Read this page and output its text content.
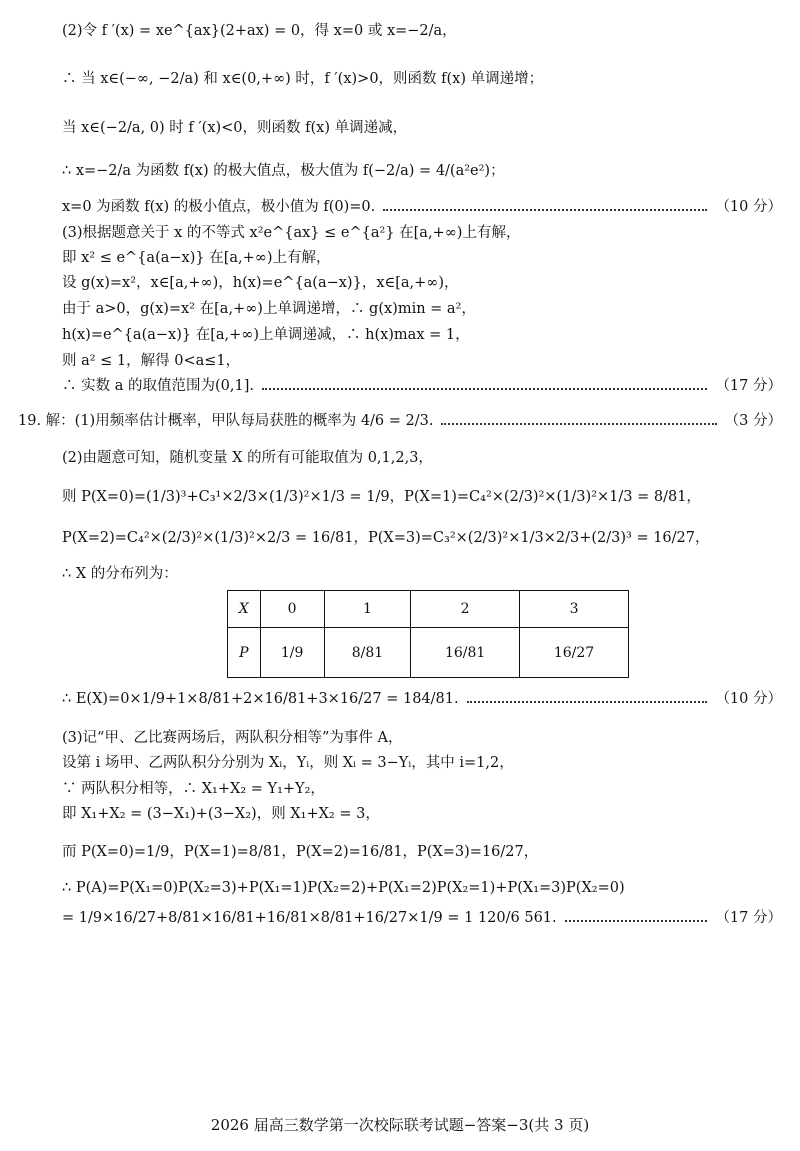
(2)令 f ′(x) = xe^{ax}(2+ax) = 0，得 x=0 或 x=−2/a，
∴ 当 x∈(−∞, −2/a) 和 x∈(0,+∞) 时，f ′(x)>0，则函数 f(x) 单调递增；
当 x∈(−2/a, 0) 时 f ′(x)<0，则函数 f(x) 单调递减，
∴ x=−2/a 为函数 f(x) 的极大值点，极大值为 f(−2/a) = 4/(a²e²)；
x=0 为函数 f(x) 的极小值点，极小值为 f(0)=0.	（10 分）
(3)根据题意关于 x 的不等式 x²e^{ax} ≤ e^{a²} 在[a,+∞)上有解，
即 x² ≤ e^{a(a−x)} 在[a,+∞)上有解，
设 g(x)=x²，x∈[a,+∞)，h(x)=e^{a(a−x)}，x∈[a,+∞)，
由于 a>0，g(x)=x² 在[a,+∞)上单调递增，∴ g(x)min = a²，
h(x)=e^{a(a−x)} 在[a,+∞)上单调递减，∴ h(x)max = 1，
则 a² ≤ 1，解得 0<a≤1，
∴ 实数 a 的取值范围为(0,1].	（17 分）
19. 解：(1)用频率估计概率，甲队每局获胜的概率为 4/6 = 2/3.	（3 分）
(2)由题意可知，随机变量 X 的所有可能取值为 0,1,2,3，
则 P(X=0)=(1/3)³+C₃¹×2/3×(1/3)²×1/3 = 1/9，P(X=1)=C₄²×(2/3)²×(1/3)²×1/3 = 8/81，
P(X=2)=C₄²×(2/3)²×(1/3)²×2/3 = 16/81，P(X=3)=C₃²×(2/3)²×1/3×2/3+(2/3)³ = 16/27，
∴ X 的分布列为：
X	0	1	2	3
P	1/9	8/81	16/81	16/27
∴ E(X)=0×1/9+1×8/81+2×16/81+3×16/27 = 184/81.	（10 分）
(3)记“甲、乙比赛两场后，两队积分相等”为事件 A，
设第 i 场甲、乙两队积分分别为 Xᵢ，Yᵢ，则 Xᵢ = 3−Yᵢ，其中 i=1,2，
∵ 两队积分相等，∴ X₁+X₂ = Y₁+Y₂，
即 X₁+X₂ = (3−X₁)+(3−X₂)，则 X₁+X₂ = 3，
而 P(X=0)=1/9，P(X=1)=8/81，P(X=2)=16/81，P(X=3)=16/27，
∴ P(A)=P(X₁=0)P(X₂=3)+P(X₁=1)P(X₂=2)+P(X₁=2)P(X₂=1)+P(X₁=3)P(X₂=0)
= 1/9×16/27+8/81×16/81+16/81×8/81+16/27×1/9 = 1 120/6 561.	（17 分）
2026 届高三数学第一次校际联考试题−答案−3(共 3 页)
